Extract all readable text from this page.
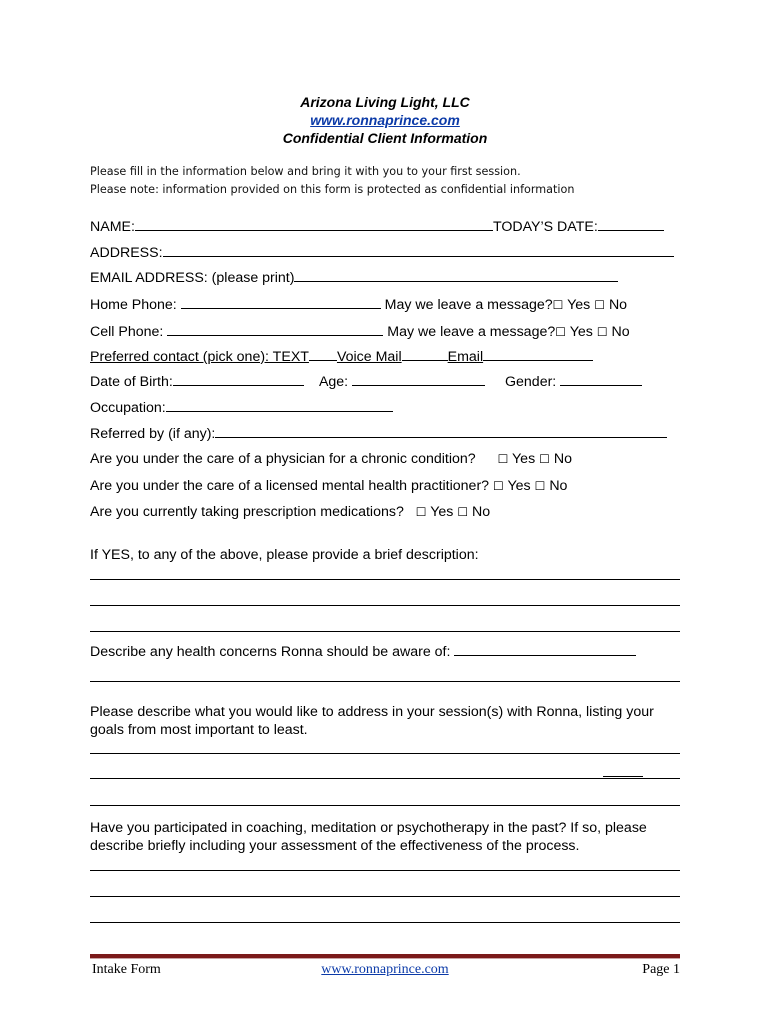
Arizona Living Light, LLC
www.ronnaprince.com
Confidential Client Information
Please fill in the information below and bring it with you to your first session.
Please note: information provided on this form is protected as confidential information
NAME:	TODAY’S DATE:
ADDRESS:
EMAIL ADDRESS: (please print)
Home Phone:	May we leave a message?☐ Yes ☐ No
Cell Phone:	May we leave a message?☐ Yes ☐ No
Preferred contact (pick one): TEXT Voice Mail	Email
Date of Birth:	Age:	Gender:
Occupation:
Referred by (if any):
Are you under the care of a physician for a chronic condition? ☐ Yes ☐ No
Are you under the care of a licensed mental health practitioner? ☐ Yes ☐ No
Are you currently taking prescription medications? ☐ Yes ☐ No
If YES, to any of the above, please provide a brief description:
Describe any health concerns Ronna should be aware of:
Please describe what you would like to address in your session(s) with Ronna, listing your goals from most important to least.
Have you participated in coaching, meditation or psychotherapy in the past? If so, please describe briefly including your assessment of the effectiveness of the process.
Intake Form	www.ronnaprince.com	Page 1
